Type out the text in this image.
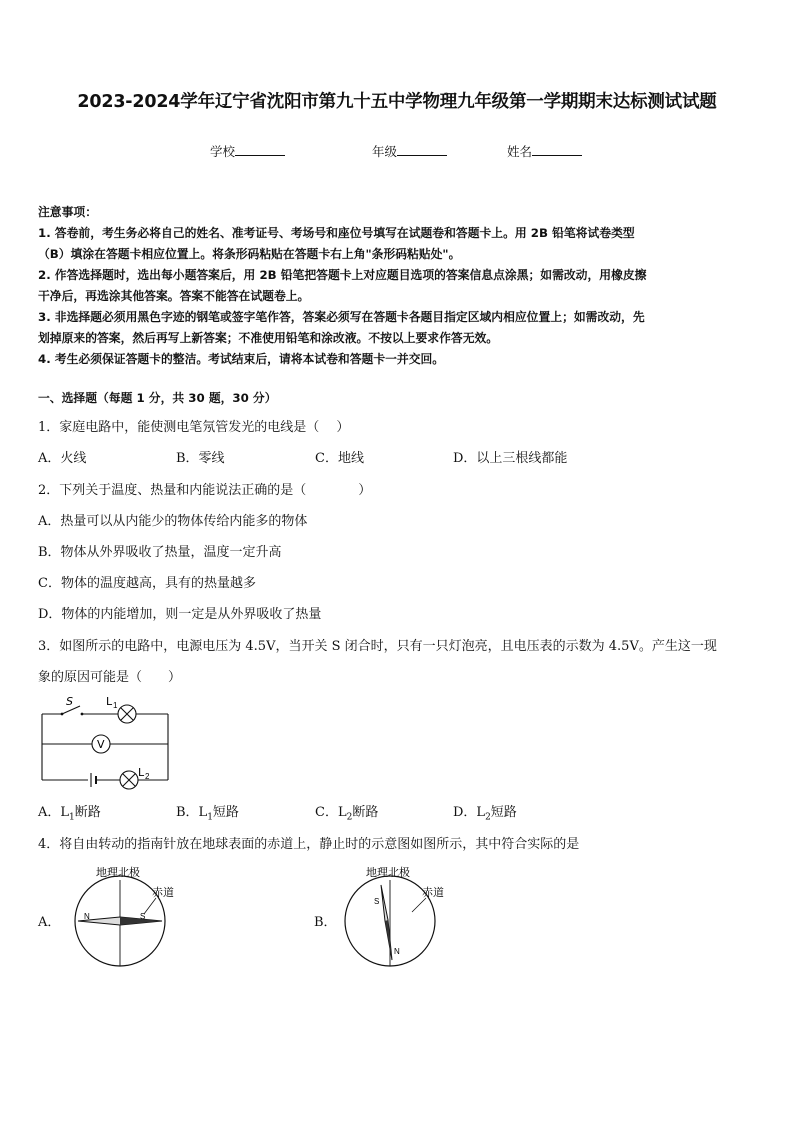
2023-2024学年辽宁省沈阳市第九十五中学物理九年级第一学期期末达标测试试题
学校	年级	姓名
注意事项：
1. 答卷前，考生务必将自己的姓名、准考证号、考场号和座位号填写在试题卷和答题卡上。用 2B 铅笔将试卷类型
（B）填涂在答题卡相应位置上。将条形码粘贴在答题卡右上角"条形码粘贴处"。
2. 作答选择题时，选出每小题答案后，用 2B 铅笔把答题卡上对应题目选项的答案信息点涂黑；如需改动，用橡皮擦
干净后，再选涂其他答案。答案不能答在试题卷上。
3. 非选择题必须用黑色字迹的钢笔或签字笔作答，答案必须写在答题卡各题目指定区域内相应位置上；如需改动，先
划掉原来的答案，然后再写上新答案；不准使用铅笔和涂改液。不按以上要求作答无效。
4. 考生必须保证答题卡的整洁。考试结束后，请将本试卷和答题卡一并交回。
一、选择题（每题 1 分，共 30 题，30 分）
1．家庭电路中，能使测电笔氖管发光的电线是（　 ）
A．火线	B．零线	C．地线	D．以上三根线都能
2．下列关于温度、热量和内能说法正确的是（　　　　）
A．热量可以从内能少的物体传给内能多的物体
B．物体从外界吸收了热量，温度一定升高
C．物体的温度越高，具有的热量越多
D．物体的内能增加，则一定是从外界吸收了热量
3．如图所示的电路中，电源电压为 4.5V，当开关 S 闭合时，只有一只灯泡亮，且电压表的示数为 4.5V。产生这一现
象的原因可能是（　　）
S	L 1
V
L 2
A．$L_1$断路	B．$L_1$短路	C．$L_2$断路	D．$L_2$短路
4．将自由转动的指南针放在地球表面的赤道上，静止时的示意图如图所示，其中符合实际的是
A．
地理北极
赤道
N	S	B．
地理北极
赤道
S
N
